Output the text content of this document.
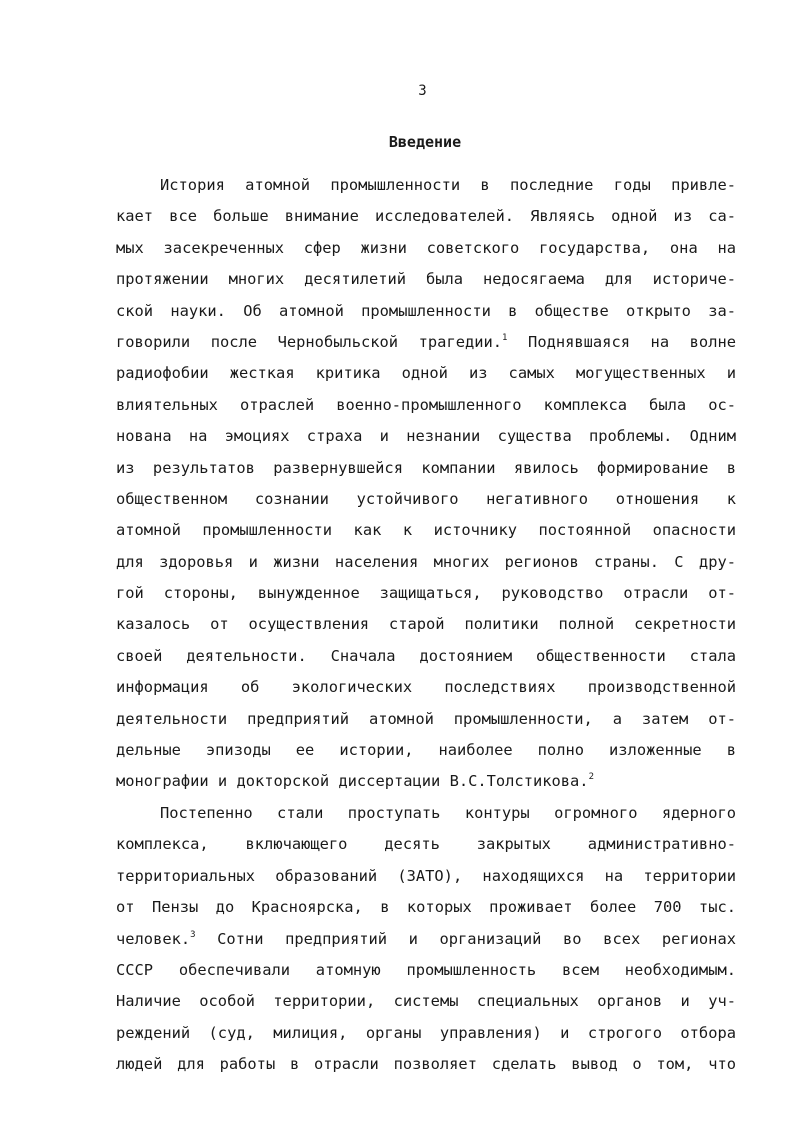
3
Введение
История атомной промышленности в последние годы привле-
кает все больше внимание исследователей. Являясь одной из са-
мых засекреченных сфер жизни советского государства, она на
протяжении многих десятилетий была недосягаема для историче-
ской науки. Об атомной промышленности в обществе открыто за-
говорили после Чернобыльской трагедии.$^1$ Поднявшаяся на волне
радиофобии жесткая критика одной из самых могущественных и
влиятельных отраслей военно-промышленного комплекса была ос-
нована на эмоциях страха и незнании существа проблемы. Одним
из результатов развернувшейся компании явилось формирование в
общественном сознании устойчивого негативного отношения к
атомной промышленности как к источнику постоянной опасности
для здоровья и жизни населения многих регионов страны. С дру-
гой стороны, вынужденное защищаться, руководство отрасли от-
казалось от осуществления старой политики полной секретности
своей деятельности. Сначала достоянием общественности стала
информация об экологических последствиях производственной
деятельности предприятий атомной промышленности, а затем от-
дельные эпизоды ее истории, наиболее полно изложенные в
монографии и докторской диссертации В.С.Толстикова.$^2$
Постепенно стали проступать контуры огромного ядерного
комплекса, включающего десять закрытых административно-
территориальных образований (ЗАТО), находящихся на территории
от Пензы до Красноярска, в которых проживает более 700 тыс.
человек.$^3$ Сотни предприятий и организаций во всех регионах
СССР обеспечивали атомную промышленность всем необходимым.
Наличие особой территории, системы специальных органов и уч-
реждений (суд, милиция, органы управления) и строгого отбора
людей для работы в отрасли позволяет сделать вывод о том, что
